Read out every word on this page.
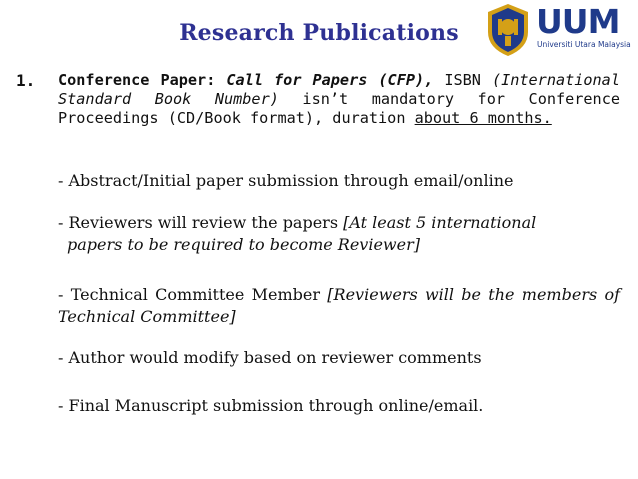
Research Publications	UUM
Universiti Utara Malaysia
1. Conference Paper: Call for Papers (CFP), ISBN (International Standard Book Number) isn’t mandatory for Conference Proceedings (CD/Book format), duration about 6 months.

- Abstract/Initial paper submission through email/online

- Reviewers will review the papers [At least 5 international
papers to be required to become Reviewer]

- Technical Committee Member [Reviewers will be the members of Technical Committee]

- Author would modify based on reviewer comments

- Final Manuscript submission through online/email.
